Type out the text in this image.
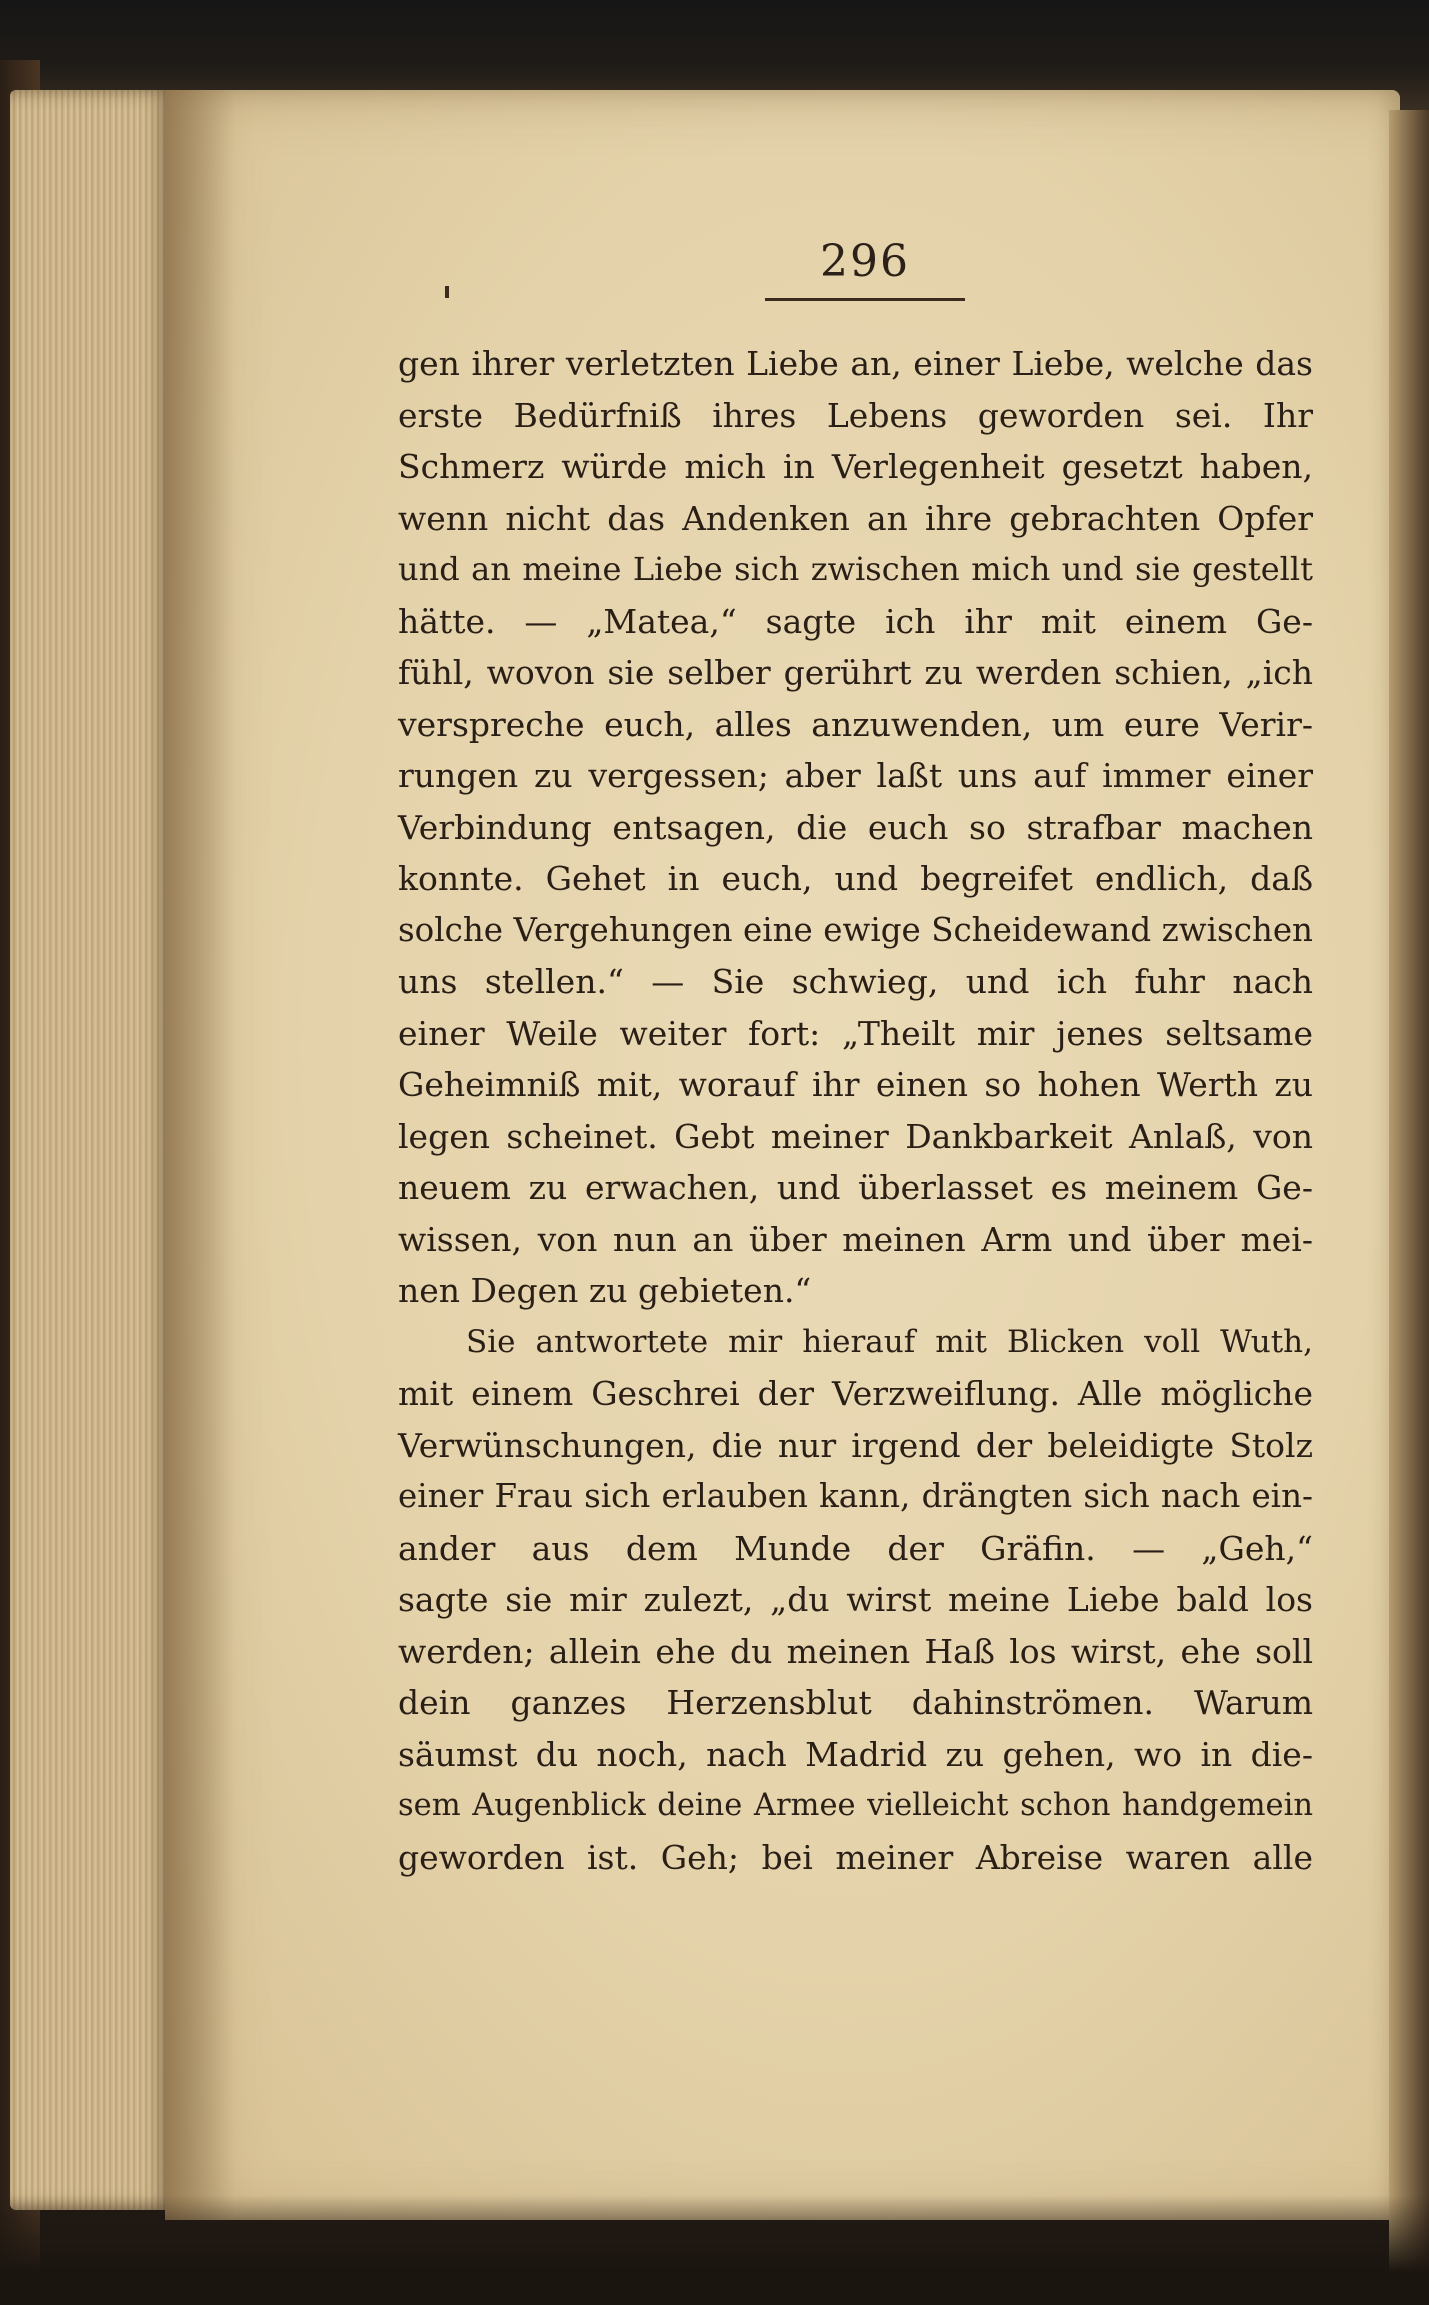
296
gen ihrer verletzten Liebe an, einer Liebe, welche das
erste Bedürfniß ihres Lebens geworden sei. Ihr
Schmerz würde mich in Verlegenheit gesetzt haben,
wenn nicht das Andenken an ihre gebrachten Opfer
und an meine Liebe sich zwischen mich und sie gestellt
hätte. — „Matea,“ sagte ich ihr mit einem Ge-
fühl, wovon sie selber gerührt zu werden schien, „ich
verspreche euch, alles anzuwenden, um eure Verir-
rungen zu vergessen; aber laßt uns auf immer einer
Verbindung entsagen, die euch so strafbar machen
konnte. Gehet in euch, und begreifet endlich, daß
solche Vergehungen eine ewige Scheidewand zwischen
uns stellen.“ — Sie schwieg, und ich fuhr nach
einer Weile weiter fort: „Theilt mir jenes seltsame
Geheimniß mit, worauf ihr einen so hohen Werth zu
legen scheinet. Gebt meiner Dankbarkeit Anlaß, von
neuem zu erwachen, und überlasset es meinem Ge-
wissen, von nun an über meinen Arm und über mei-
nen Degen zu gebieten.“
Sie antwortete mir hierauf mit Blicken voll Wuth,
mit einem Geschrei der Verzweiflung. Alle mögliche
Verwünschungen, die nur irgend der beleidigte Stolz
einer Frau sich erlauben kann, drängten sich nach ein-
ander aus dem Munde der Gräfin. — „Geh,“
sagte sie mir zulezt, „du wirst meine Liebe bald los
werden; allein ehe du meinen Haß los wirst, ehe soll
dein ganzes Herzensblut dahinströmen. Warum
säumst du noch, nach Madrid zu gehen, wo in die-
sem Augenblick deine Armee vielleicht schon handgemein
geworden ist. Geh; bei meiner Abreise waren alle
